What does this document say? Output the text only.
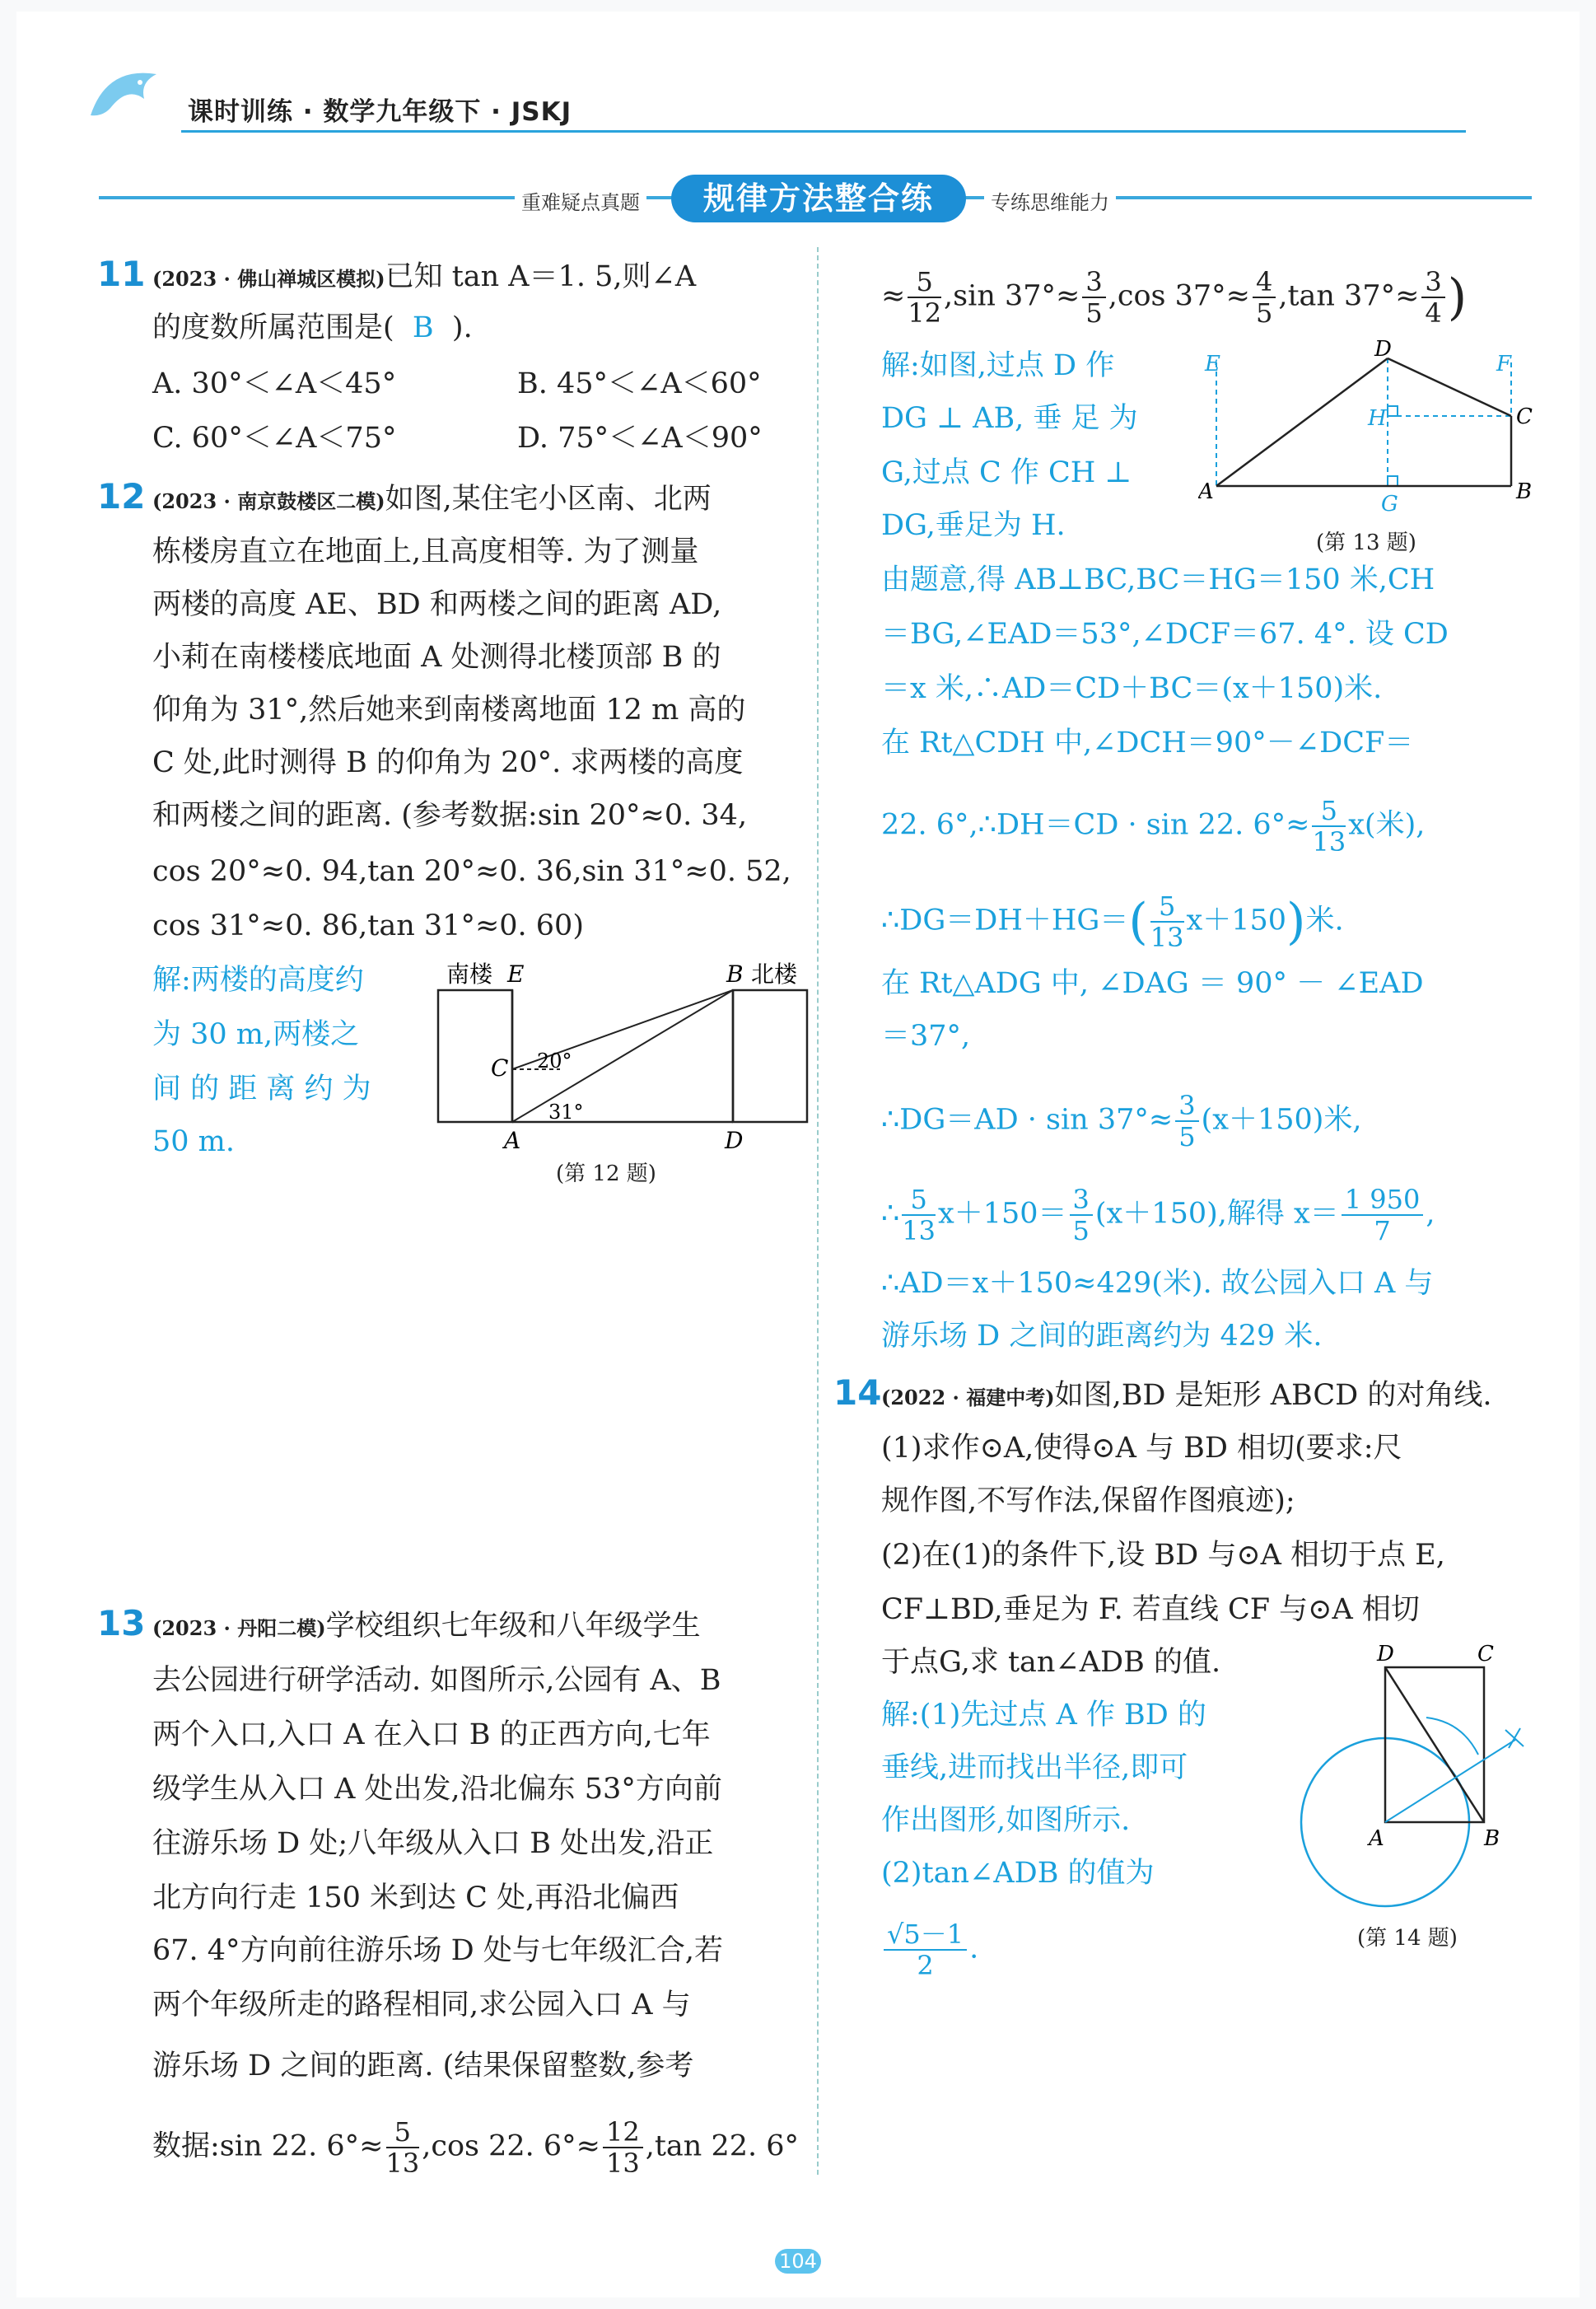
课时训练 · 数学九年级下 · JSKJ
重难疑点真题	规律方法整合练	专练思维能力
11 (2023 · 佛山禅城区模拟)已知 tan A＝1. 5,则∠A
的度数所属范围是( B ).
A. 30°＜∠A＜45°	B. 45°＜∠A＜60°
C. 60°＜∠A＜75°	D. 75°＜∠A＜90°
12 (2023 · 南京鼓楼区二模)如图,某住宅小区南、北两
栋楼房直立在地面上,且高度相等. 为了测量
两楼的高度 AE、BD 和两楼之间的距离 AD,
小莉在南楼楼底地面 A 处测得北楼顶部 B 的
仰角为 31°,然后她来到南楼离地面 12 m 高的
C 处,此时测得 B 的仰角为 20°. 求两楼的高度
和两楼之间的距离. (参考数据:sin 20°≈0. 34,
cos 20°≈0. 94,tan 20°≈0. 36,sin 31°≈0. 52,
cos 31°≈0. 86,tan 31°≈0. 60)
解:两楼的高度约
为 30 m,两楼之
间 的 距 离 约 为
50 m.
南楼 E	B 北楼
C
A	D
20°
31°
(第 12 题)
13 (2023 · 丹阳二模)学校组织七年级和八年级学生
去公园进行研学活动. 如图所示,公园有 A、B
两个入口,入口 A 在入口 B 的正西方向,七年
级学生从入口 A 处出发,沿北偏东 53°方向前
往游乐场 D 处;八年级从入口 B 处出发,沿正
北方向行走 150 米到达 C 处,再沿北偏西
67. 4°方向前往游乐场 D 处与七年级汇合,若
两个年级所走的路程相同,求公园入口 A 与
游乐场 D 之间的距离. (结果保留整数,参考
数据:sin 22. $6^\circ\approx \frac{5}{13} ,\cos$ 22. $6^\circ\approx \frac{12}{13} ,\tan$ 22. 6°
≈ $\frac{5}{12} ,\sin$ $37^\circ\approx \frac{3}{5} ,\cos$ $37^\circ\approx \frac{4}{5} ,\tan$ $37^\circ\approx \frac{3}{4}$ )
解:如图,过点 D 作
DG ⊥ AB, 垂 足 为
G,过点 C 作 CH ⊥
DG,垂足为 H.
E
D
F
H	C
A	G	B
(第 13 题)
由题意,得 AB⊥BC,BC＝HG＝150 米,CH
＝BG,∠EAD＝53°,∠DCF＝67. 4°. 设 CD
＝x 米,∴AD＝CD＋BC＝(x＋150)米.
在 Rt△CDH 中,∠DCH＝90°－∠DCF＝
22. 6°,∴DH＝CD · sin 22. $6^\circ\approx \frac{5}{13} x$(米),
∴DG＝DH＋HG＝( $\frac{5}{13} x+150$)米.
在 Rt△ADG 中, ∠DAG ＝ 90° － ∠EAD
＝37°,
∴DG＝AD · $\sin 37^\circ\approx \frac{3}{5} (x+150)$米,
∴ $\frac{5}{13} x+150= \frac{3}{5} (x+150)$,解得 $x= \frac{1 950}{7}$ ,
∴AD＝x＋150≈429(米). 故公园入口 A 与
游乐场 D 之间的距离约为 429 米.
14 (2022 · 福建中考)如图,BD 是矩形 ABCD 的对角线.
(1)求作⊙A,使得⊙A 与 BD 相切(要求:尺
规作图,不写作法,保留作图痕迹);
(2)在(1)的条件下,设 BD 与⊙A 相切于点 E,
CF⊥BD,垂足为 F. 若直线 CF 与⊙A 相切
于点G,求 tan∠ADB 的值.
解:(1)先过点 A 作 BD 的
垂线,进而找出半径,即可
作出图形,如图所示.
(2)tan∠ADB 的值为
$\frac{√5-1}{2}$ .
D	C
A	B
(第 14 题)
104
